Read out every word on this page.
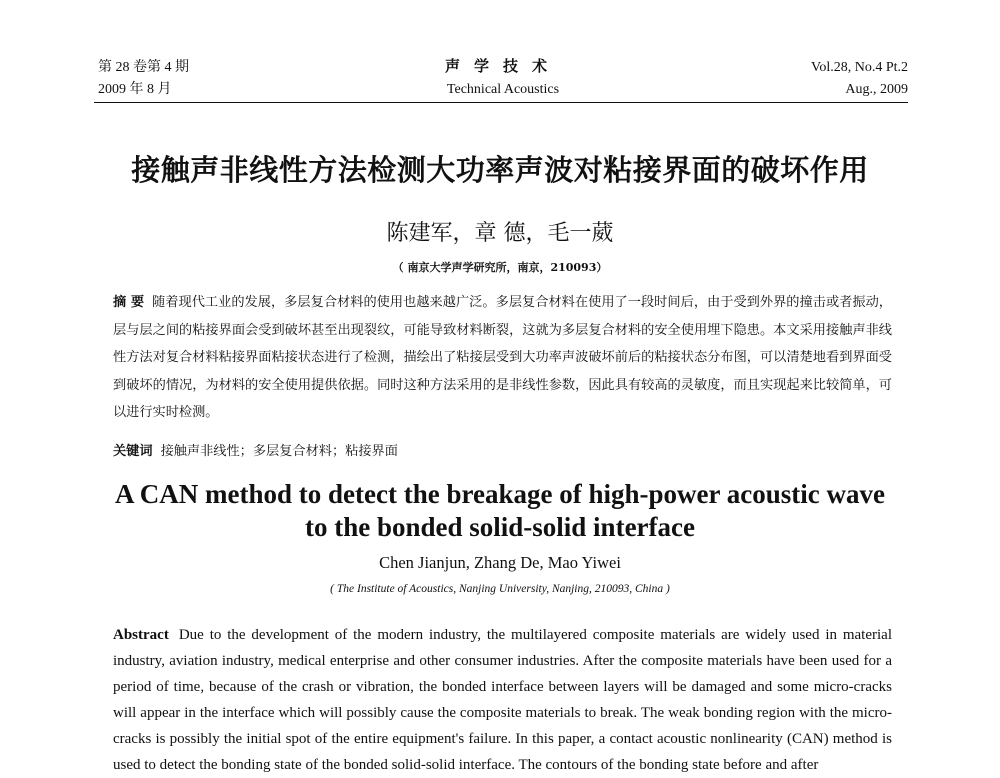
第 28 卷第 4 期	声学技术	Vol.28, No.4 Pt.2
2009 年 8 月	Technical Acoustics	Aug., 2009
接触声非线性方法检测大功率声波对粘接界面的破坏作用
陈建军，章 德，毛一葳
（ 南京大学声学研究所，南京，210093）
摘 要 随着现代工业的发展，多层复合材料的使用也越来越广泛。多层复合材料在使用了一段时间后，由于受到外界的撞击或者振动，层与层之间的粘接界面会受到破坏甚至出现裂纹，可能导致材料断裂，这就为多层复合材料的安全使用埋下隐患。本文采用接触声非线性方法对复合材料粘接界面粘接状态进行了检测，描绘出了粘接层受到大功率声波破坏前后的粘接状态分布图，可以清楚地看到界面受到破坏的情况，为材料的安全使用提供依据。同时这种方法采用的是非线性参数，因此具有较高的灵敏度，而且实现起来比较简单，可以进行实时检测。
关键词 接触声非线性；多层复合材料；粘接界面
A CAN method to detect the breakage of high-power acoustic wave
to the bonded solid-solid interface
Chen Jianjun, Zhang De, Mao Yiwei
( The Institute of Acoustics, Nanjing University, Nanjing, 210093, China )
Abstract Due to the development of the modern industry, the multilayered composite materials are widely used in material industry, aviation industry, medical enterprise and other consumer industries. After the composite materials have been used for a period of time, because of the crash or vibration, the bonded interface between layers will be damaged and some micro-cracks will appear in the interface which will possibly cause the composite materials to break. The weak bonding region with the micro-cracks is possibly the initial spot of the entire equipment's failure. In this paper, a contact acoustic nonlinearity (CAN) method is used to detect the bonding state of the bonded solid-solid interface. The contours of the bonding state before and after
